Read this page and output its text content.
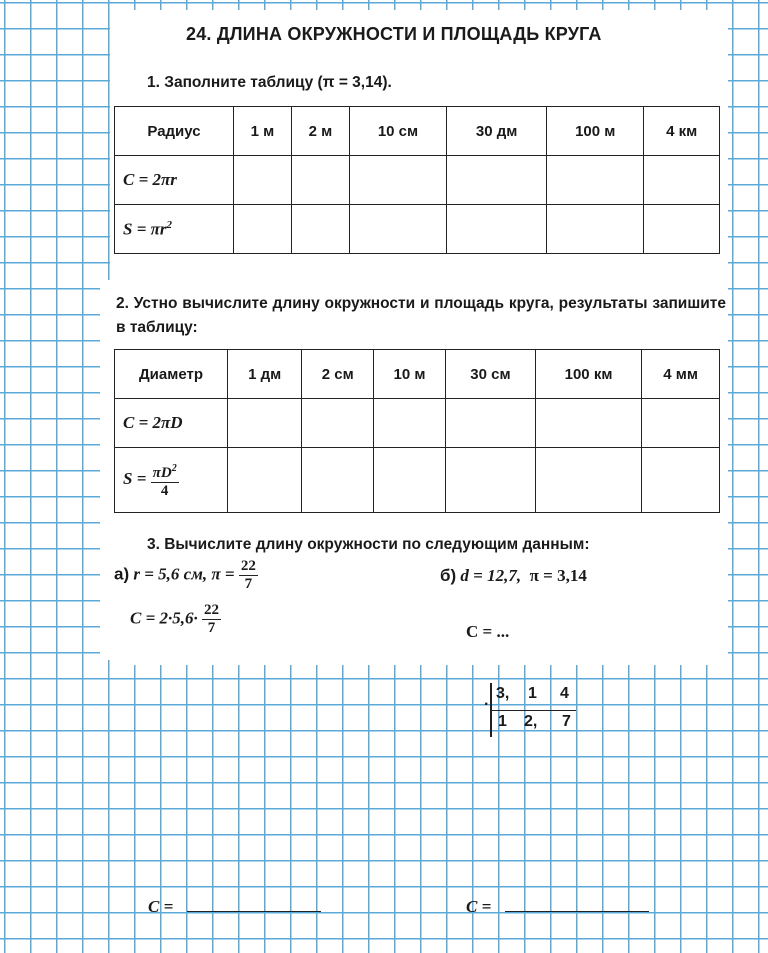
24. ДЛИНА ОКРУЖНОСТИ И ПЛОЩАДЬ КРУГА
1. Заполните таблицу (π = 3,14).
Радиус	1 м	2 м	10 см	30 дм	100 м	4 км
C = 2πr						
$S = \pi r^2$						
2. Устно вычислите длину окружности и площадь круга, результаты запишите в таблицу:
Диаметр	1 дм	2 см	10 м	30 см	100 км	4 мм
C = 2πD						
$S = \frac{\pi D^2}{4}$

3. Вычислите длину окружности по следующим данным:
а) r = 5,6 см, $\pi = \frac{22}{7}$	б) d = 12,7, π = 3,14
$C = 2\cdot 5,6\cdot \frac{22}{7}$	C = ...
. 3, 1 4
1 2, 7
C =	C =
